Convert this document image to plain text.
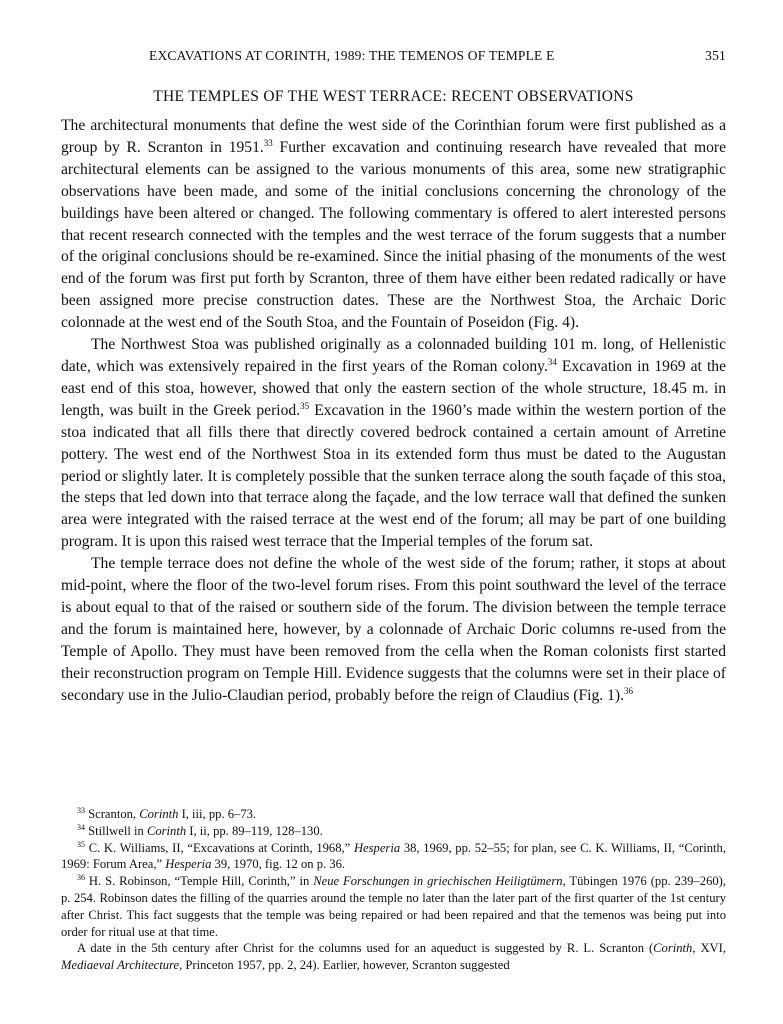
EXCAVATIONS AT CORINTH, 1989: THE TEMENOS OF TEMPLE E	351
THE TEMPLES OF THE WEST TERRACE: RECENT OBSERVATIONS

The architectural monuments that define the west side of the Corinthian forum were first published as a group by R. Scranton in 1951.33 Further excavation and continuing research have revealed that more architectural elements can be assigned to the various monuments of this area, some new stratigraphic observations have been made, and some of the initial conclusions concerning the chronology of the buildings have been altered or changed. The following commentary is offered to alert interested persons that recent research connected with the temples and the west terrace of the forum suggests that a number of the original conclusions should be re-examined. Since the initial phasing of the monuments of the west end of the forum was first put forth by Scranton, three of them have either been redated radically or have been assigned more precise construction dates. These are the Northwest Stoa, the Archaic Doric colonnade at the west end of the South Stoa, and the Fountain of Poseidon (Fig. 4).

The Northwest Stoa was published originally as a colonnaded building 101 m. long, of Hellenistic date, which was extensively repaired in the first years of the Roman colony.$^{34}$ Excavation in 1969 at the east end of this stoa, however, showed that only the eastern section of the whole structure, 18.45 m. in length, was built in the Greek period.$^{35}$ Excavation in the 1960’s made within the western portion of the stoa indicated that all fills there that directly covered bedrock contained a certain amount of Arretine pottery. The west end of the Northwest Stoa in its extended form thus must be dated to the Augustan period or slightly later. It is completely possible that the sunken terrace along the south façade of this stoa, the steps that led down into that terrace along the façade, and the low terrace wall that defined the sunken area were integrated with the raised terrace at the west end of the forum; all may be part of one building program. It is upon this raised west terrace that the Imperial temples of the forum sat.

The temple terrace does not define the whole of the west side of the forum; rather, it stops at about mid-point, where the floor of the two-level forum rises. From this point southward the level of the terrace is about equal to that of the raised or southern side of the forum. The division between the temple terrace and the forum is maintained here, however, by a colonnade of Archaic Doric columns re-used from the Temple of Apollo. They must have been removed from the cella when the Roman colonists first started their reconstruction program on Temple Hill. Evidence suggests that the columns were set in their place of secondary use in the Julio-Claudian period, probably before the reign of Claudius (Fig. 1).$^{36}$

$^{33}$ Scranton, Corinth I, iii, pp. 6–73.

$^{34}$ Stillwell in Corinth I, ii, pp. 89–119, 128–130.

$^{35}$ C. K. Williams, II, “Excavations at Corinth, 1968,” Hesperia 38, 1969, pp. 52–55; for plan, see C. K. Williams, II, “Corinth, 1969: Forum Area,” Hesperia 39, 1970, fig. 12 on p. 36.

$^{36}$ H. S. Robinson, “Temple Hill, Corinth,” in Neue Forschungen in griechischen Heiligtümern, Tübingen 1976 (pp. 239–260), p. 254. Robinson dates the filling of the quarries around the temple no later than the later part of the first quarter of the 1st century after Christ. This fact suggests that the temple was being repaired or had been repaired and that the temenos was being put into order for ritual use at that time.

A date in the 5th century after Christ for the columns used for an aqueduct is suggested by R. L. Scranton (Corinth, XVI, Mediaeval Architecture, Princeton 1957, pp. 2, 24). Earlier, however, Scranton suggested
